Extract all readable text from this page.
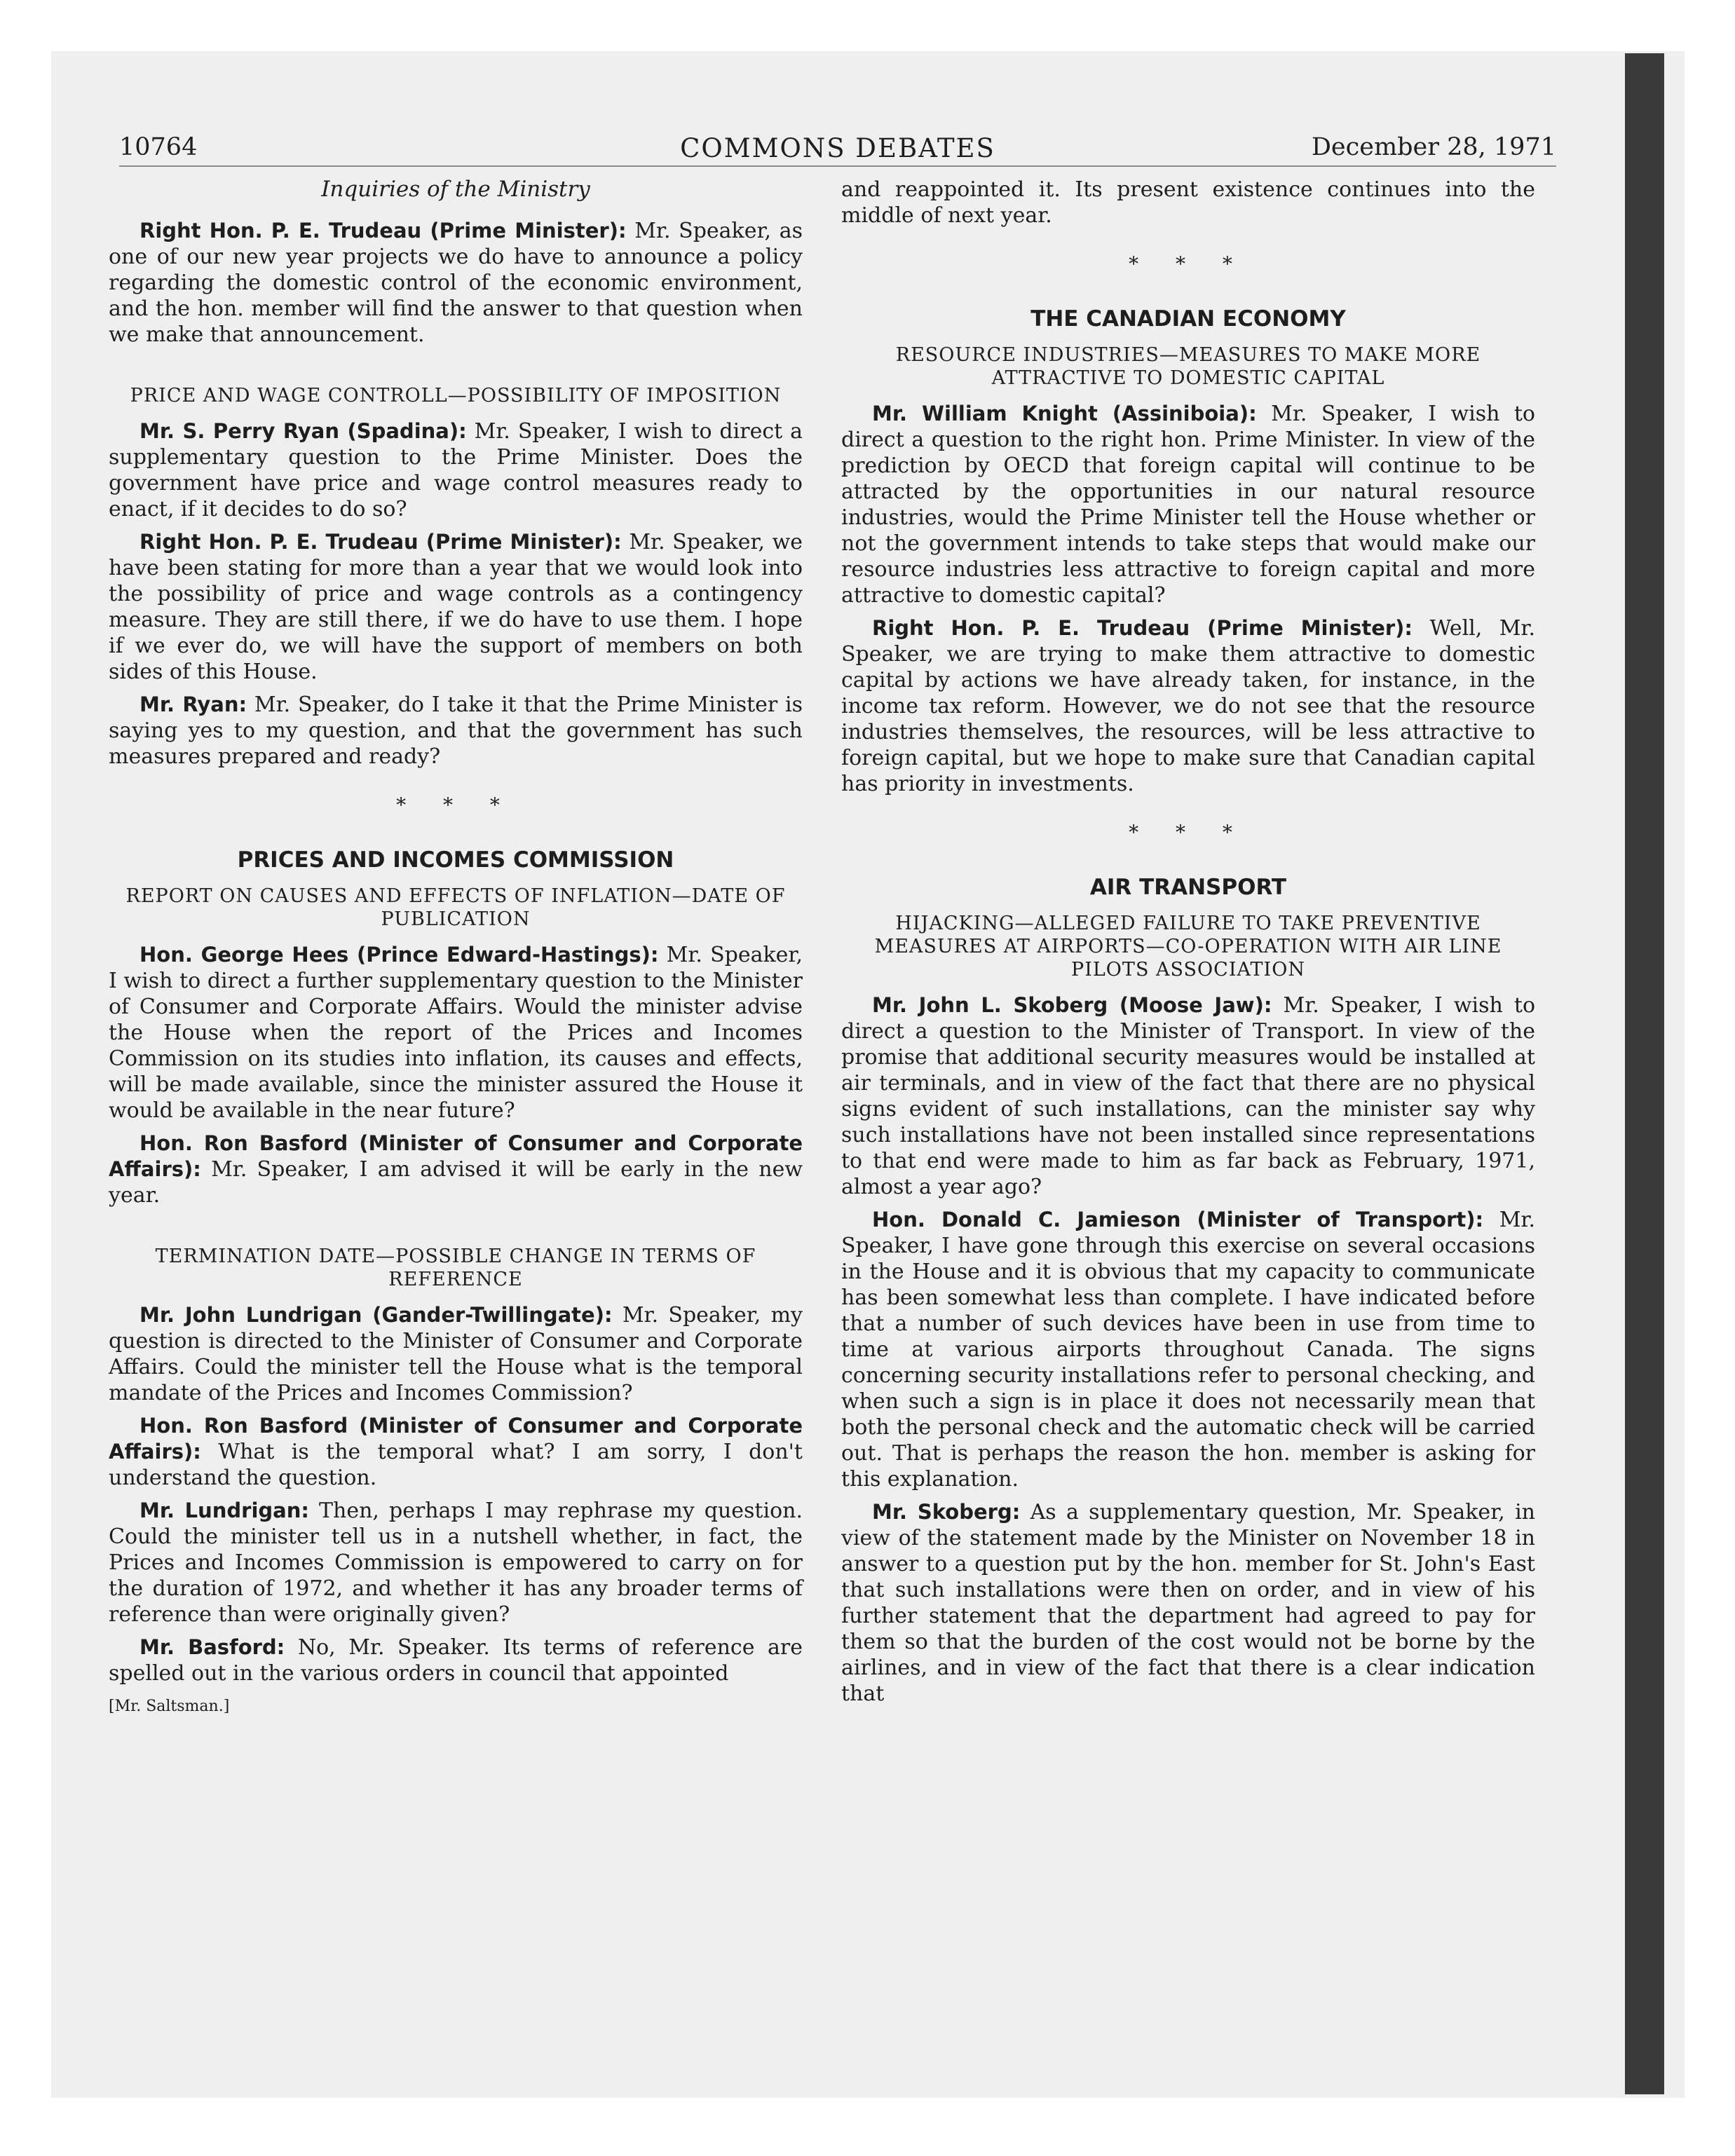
10764	COMMONS DEBATES	December 28, 1971
Inquiries of the Ministry

Right Hon. P. E. Trudeau (Prime Minister): Mr. Speaker, as one of our new year projects we do have to announce a policy regarding the domestic control of the economic environment, and the hon. member will find the answer to that question when we make that announcement.

PRICE AND WAGE CONTROLL—POSSIBILITY OF IMPOSITION

Mr. S. Perry Ryan (Spadina): Mr. Speaker, I wish to direct a supplementary question to the Prime Minister. Does the government have price and wage control measures ready to enact, if it decides to do so?

Right Hon. P. E. Trudeau (Prime Minister): Mr. Speaker, we have been stating for more than a year that we would look into the possibility of price and wage controls as a contingency measure. They are still there, if we do have to use them. I hope if we ever do, we will have the support of members on both sides of this House.

Mr. Ryan: Mr. Speaker, do I take it that the Prime Minister is saying yes to my question, and that the government has such measures prepared and ready?

* * *
PRICES AND INCOMES COMMISSION
REPORT ON CAUSES AND EFFECTS OF INFLATION—DATE OF PUBLICATION

Hon. George Hees (Prince Edward-Hastings): Mr. Speaker, I wish to direct a further supplementary question to the Minister of Consumer and Corporate Affairs. Would the minister advise the House when the report of the Prices and Incomes Commission on its studies into inflation, its causes and effects, will be made available, since the minister assured the House it would be available in the near future?

Hon. Ron Basford (Minister of Consumer and Corporate Affairs): Mr. Speaker, I am advised it will be early in the new year.

TERMINATION DATE—POSSIBLE CHANGE IN TERMS OF REFERENCE

Mr. John Lundrigan (Gander-Twillingate): Mr. Speaker, my question is directed to the Minister of Consumer and Corporate Affairs. Could the minister tell the House what is the temporal mandate of the Prices and Incomes Commission?

Hon. Ron Basford (Minister of Consumer and Corporate Affairs): What is the temporal what? I am sorry, I don't understand the question.

Mr. Lundrigan: Then, perhaps I may rephrase my question. Could the minister tell us in a nutshell whether, in fact, the Prices and Incomes Commission is empowered to carry on for the duration of 1972, and whether it has any broader terms of reference than were originally given?

Mr. Basford: No, Mr. Speaker. Its terms of reference are spelled out in the various orders in council that appointed

[Mr. Saltsman.]

and reappointed it. Its present existence continues into the middle of next year.

* * *
THE CANADIAN ECONOMY
RESOURCE INDUSTRIES—MEASURES TO MAKE MORE ATTRACTIVE TO DOMESTIC CAPITAL

Mr. William Knight (Assiniboia): Mr. Speaker, I wish to direct a question to the right hon. Prime Minister. In view of the prediction by OECD that foreign capital will continue to be attracted by the opportunities in our natural resource industries, would the Prime Minister tell the House whether or not the government intends to take steps that would make our resource industries less attractive to foreign capital and more attractive to domestic capital?

Right Hon. P. E. Trudeau (Prime Minister): Well, Mr. Speaker, we are trying to make them attractive to domestic capital by actions we have already taken, for instance, in the income tax reform. However, we do not see that the resource industries themselves, the resources, will be less attractive to foreign capital, but we hope to make sure that Canadian capital has priority in investments.

* * *
AIR TRANSPORT
HIJACKING—ALLEGED FAILURE TO TAKE PREVENTIVE MEASURES AT AIRPORTS—CO-OPERATION WITH AIR LINE PILOTS ASSOCIATION

Mr. John L. Skoberg (Moose Jaw): Mr. Speaker, I wish to direct a question to the Minister of Transport. In view of the promise that additional security measures would be installed at air terminals, and in view of the fact that there are no physical signs evident of such installations, can the minister say why such installations have not been installed since representations to that end were made to him as far back as February, 1971, almost a year ago?

Hon. Donald C. Jamieson (Minister of Transport): Mr. Speaker, I have gone through this exercise on several occasions in the House and it is obvious that my capacity to communicate has been somewhat less than complete. I have indicated before that a number of such devices have been in use from time to time at various airports throughout Canada. The signs concerning security installations refer to personal checking, and when such a sign is in place it does not necessarily mean that both the personal check and the automatic check will be carried out. That is perhaps the reason the hon. member is asking for this explanation.

Mr. Skoberg: As a supplementary question, Mr. Speaker, in view of the statement made by the Minister on November 18 in answer to a question put by the hon. member for St. John's East that such installations were then on order, and in view of his further statement that the department had agreed to pay for them so that the burden of the cost would not be borne by the airlines, and in view of the fact that there is a clear indication that
